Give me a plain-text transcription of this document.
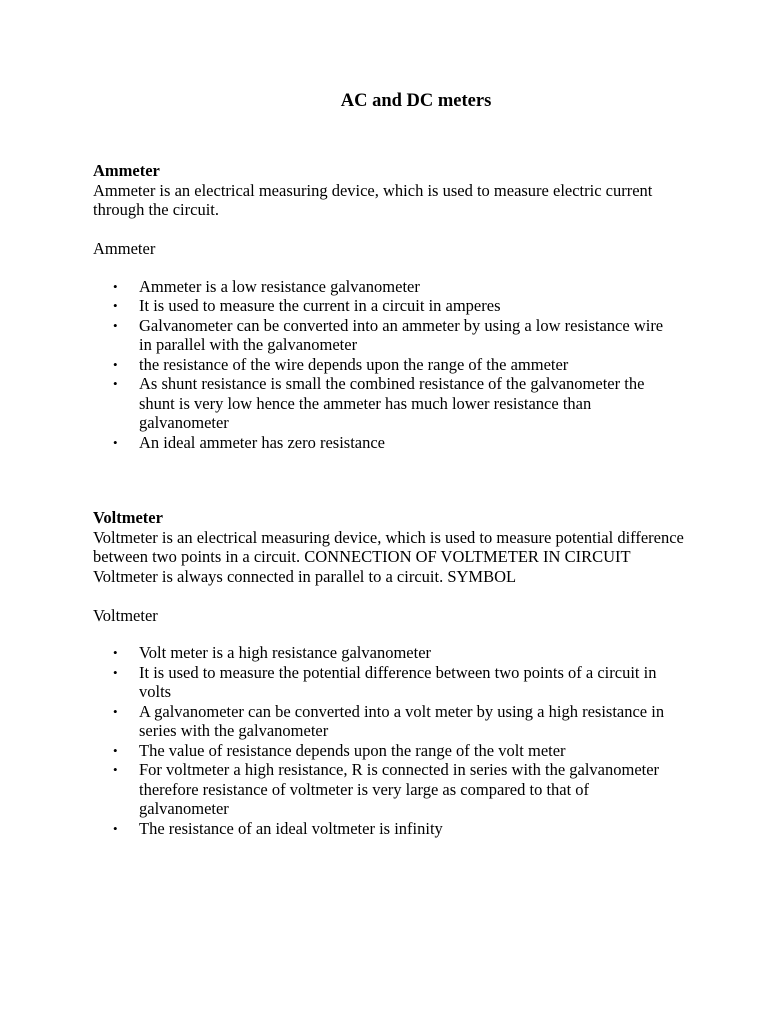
AC and DC meters

Ammeter

Ammeter is an electrical measuring device, which is used to measure electric current through the circuit.

Ammeter

• Ammeter is a low resistance galvanometer
• It is used to measure the current in a circuit in amperes
• Galvanometer can be converted into an ammeter by using a low resistance wire in parallel with the galvanometer
• the resistance of the wire depends upon the range of the ammeter
• As shunt resistance is small the combined resistance of the galvanometer the shunt is very low hence the ammeter has much lower resistance than galvanometer
• An ideal ammeter has zero resistance

Voltmeter

Voltmeter is an electrical measuring device, which is used to measure potential difference between two points in a circuit. CONNECTION OF VOLTMETER IN CIRCUIT Voltmeter is always connected in parallel to a circuit. SYMBOL

Voltmeter

• Volt meter is a high resistance galvanometer
• It is used to measure the potential difference between two points of a circuit in volts
• A galvanometer can be converted into a volt meter by using a high resistance in series with the galvanometer
• The value of resistance depends upon the range of the volt meter
• For voltmeter a high resistance, R is connected in series with the galvanometer therefore resistance of voltmeter is very large as compared to that of galvanometer
• The resistance of an ideal voltmeter is infinity
